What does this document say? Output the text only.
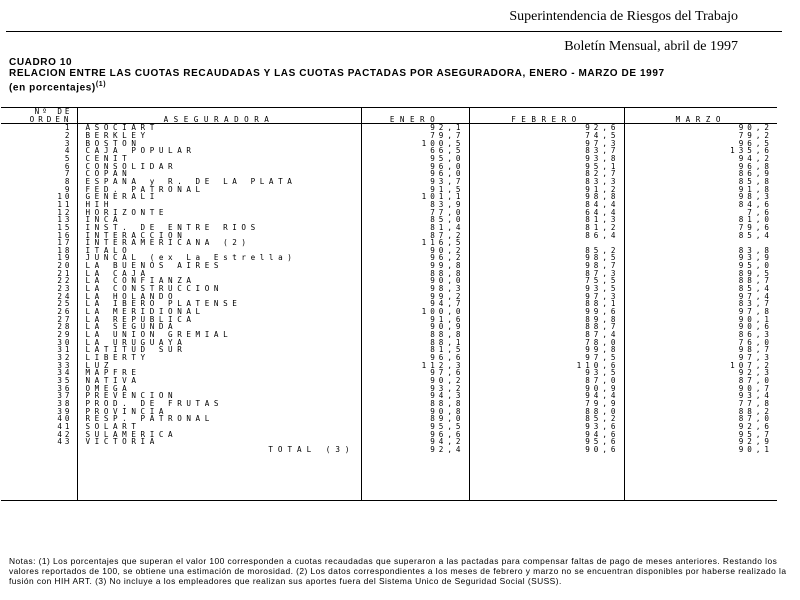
Superintendencia de Riesgos del Trabajo
Boletín Mensual, abril de 1997
CUADRO 10
RELACION ENTRE LAS CUOTAS RECAUDADAS Y LAS CUOTAS PACTADAS POR ASEGURADORA, ENERO - MARZO DE 1997
(en porcentajes)$^{(1)}$
Nº DE				
ORDEN	ASEGURADORA	ENERO	FEBRERO	MARZO
1	ASOCIART	92,1	92,6	90,2
2	BERKLEY	79,7	74,5	79,2
3	BOSTON	100,5	97,3	96,5
4	CAJA POPULAR	66,5	83,7	135,6
5	CENIT	95,0	93,8	94,2
6	CONSOLIDAR	96,0	95,1	96,8
7	COPAN	96,0	82,7	86,9
8	ESPAÑA y R. DE LA PLATA	93,7	83,3	85,8
9	FED. PATRONAL	91,5	91,2	91,8
10	GENERALI	101,1	98,8	98,3
11	HIH	83,9	84,4	84,6
12	HORIZONTE	77,0	64,4	7,6
13	INCA	85,0	81,3	81,0
15	INST. DE ENTRE RÍOS	81,4	81,2	79,6
16	INTERACCION	87,2	86,4	85,4
17	INTERAMERICANA (2)	116,5		
18	ITALO	90,2	85,2	83,8
19	JUNCAL (ex La Estrella)	96,2	98,5	93,9
20	LA BUENOS AIRES	99,8	98,7	95,0
21	LA CAJA	88,8	87,3	89,5
22	LA CONFIANZA	90,0	75,5	88,7
23	LA CONSTRUCCION	98,3	93,5	85,4
24	LA HOLANDO	99,2	97,3	97,4
25	LA IBERO PLATENSE	94,7	88,1	83,7
26	LA MERIDIONAL	100,0	99,6	97,8
27	LA REPUBLICA	91,6	89,8	90,1
28	LA SEGUNDA	90,9	88,7	90,6
29	LA UNION GREMIAL	88,8	87,4	86,3
30	LA URUGUAYA	88,1	78,0	76,0
31	LATITUD SUR	81,5	99,8	98,7
32	LIBERTY	96,6	97,5	97,3
33	LUZ	112,3	110,6	107,2
34	MAPFRE	97,6	93,5	92,3
35	NATIVA	90,2	87,0	87,0
36	OMEGA	93,2	90,9	90,7
37	PREVENCION	94,3	94,4	93,4
38	PROD. DE FRUTAS	88,8	79,9	77,8
39	PROVINCIA	90,8	88,0	88,2
40	RESP. PATRONAL	89,0	85,2	87,0
41	SOLART	95,5	93,6	92,6
42	SULAMERICA	96,6	94,6	95,7
43	VICTORIA	94,2	95,6	92,9
	TOTAL (3)	92,4	90,6	90,1

Notas: (1) Los porcentajes que superan el valor 100 corresponden a cuotas recaudadas que superaron a las pactadas para compensar faltas de pago de meses anteriores. Restando los valores reportados de 100, se obtiene una estimación de morosidad. (2) Los datos correspondientes a los meses de febrero y marzo no se encuentran disponibles por haberse realizado la fusión con HIH ART. (3) No incluye a los empleadores que realizan sus aportes fuera del Sistema Unico de Seguridad Social (SUSS).
